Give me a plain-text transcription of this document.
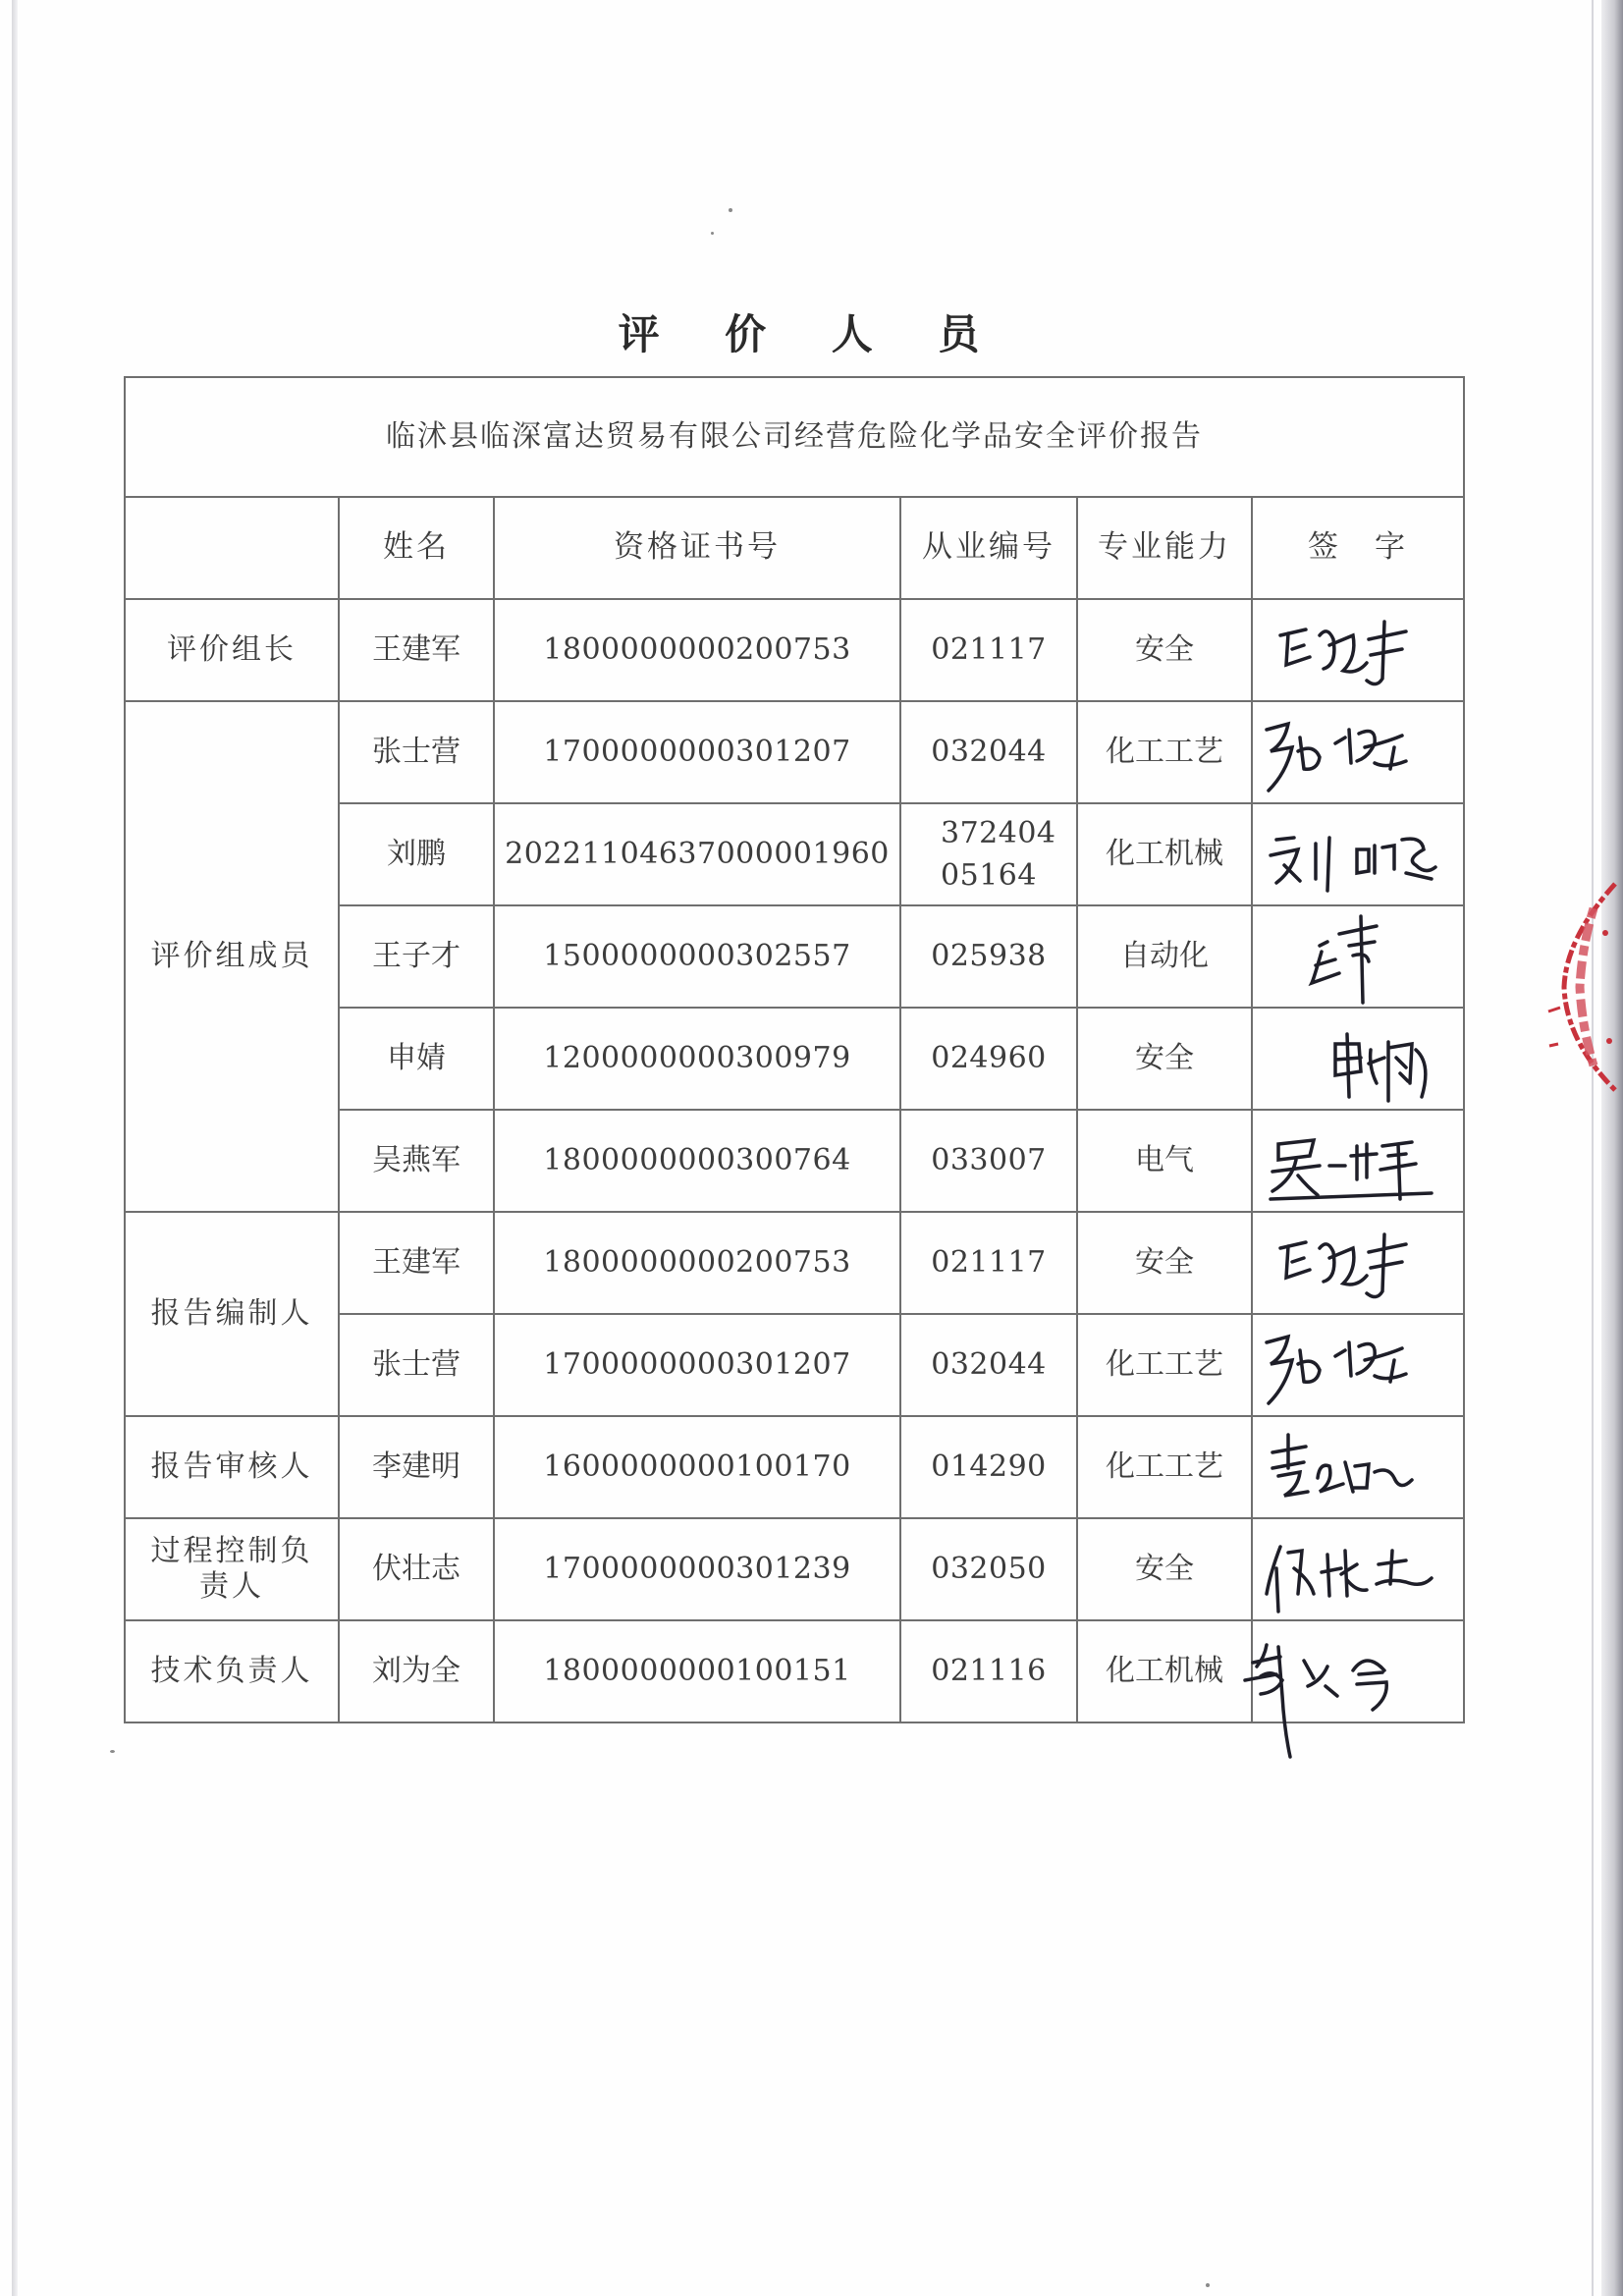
评 价 人 员
临沭县临深富达贸易有限公司经营危险化学品安全评价报告					
	姓名	资格证书号	从业编号	专业能力	签　字
评价组长	王建军	1800000000200753	021117	安全	

评价组成员	张士营	1700000000301207	032044	化工工艺	

	刘鹏	20221104637000001960	372404 05164	化工机械	

	王子才	1500000000302557	025938	自动化	

	申婧	1200000000300979	024960	安全	

	吴燕军	1800000000300764	033007	电气	

报告编制人	王建军	1800000000200753	021117	安全	

	张士营	1700000000301207	032044	化工工艺	

报告审核人	李建明	1600000000100170	014290	化工工艺	

过程控制负责人	伏壮志	1700000000301239	032050	安全	

技术负责人	刘为全	1800000000100151	021116	化工机械	
